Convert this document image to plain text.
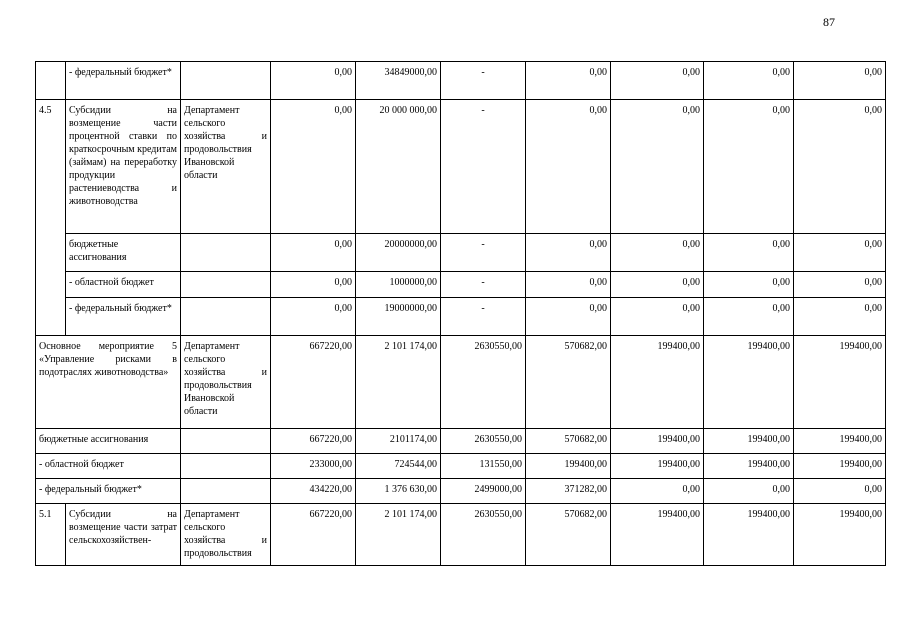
87
	- федеральный бюджет*		0,00	34849000,00	-	0,00	0,00	0,00	0,00
4.5	Субсидии на возмещение части процентной ставки по краткосрочным кредитам (займам) на переработку продукции растениеводства и животноводства	Департамент сельского хозяйства и продовольствия Ивановской области	0,00	20 000 000,00	-	0,00	0,00	0,00	0,00
	бюджетные ассигнования		0,00	20000000,00	-	0,00	0,00	0,00	0,00
	- областной бюджет		0,00	1000000,00	-	0,00	0,00	0,00	0,00
	- федеральный бюджет*		0,00	19000000,00	-	0,00	0,00	0,00	0,00
Основное мероприятие 5 «Управление рисками в подотраслях животноводства»		Департамент сельского хозяйства и продовольствия Ивановской области	667220,00	2 101 174,00	2630550,00	570682,00	199400,00	199400,00	199400,00
бюджетные ассигнования			667220,00	2101174,00	2630550,00	570682,00	199400,00	199400,00	199400,00
- областной бюджет			233000,00	724544,00	131550,00	199400,00	199400,00	199400,00	199400,00
- федеральный бюджет*			434220,00	1 376 630,00	2499000,00	371282,00	0,00	0,00	0,00
5.1	Субсидии на возмещение части затрат сельскохозяйствен-	Департамент сельского хозяйства и продовольствия	667220,00	2 101 174,00	2630550,00	570682,00	199400,00	199400,00	199400,00
